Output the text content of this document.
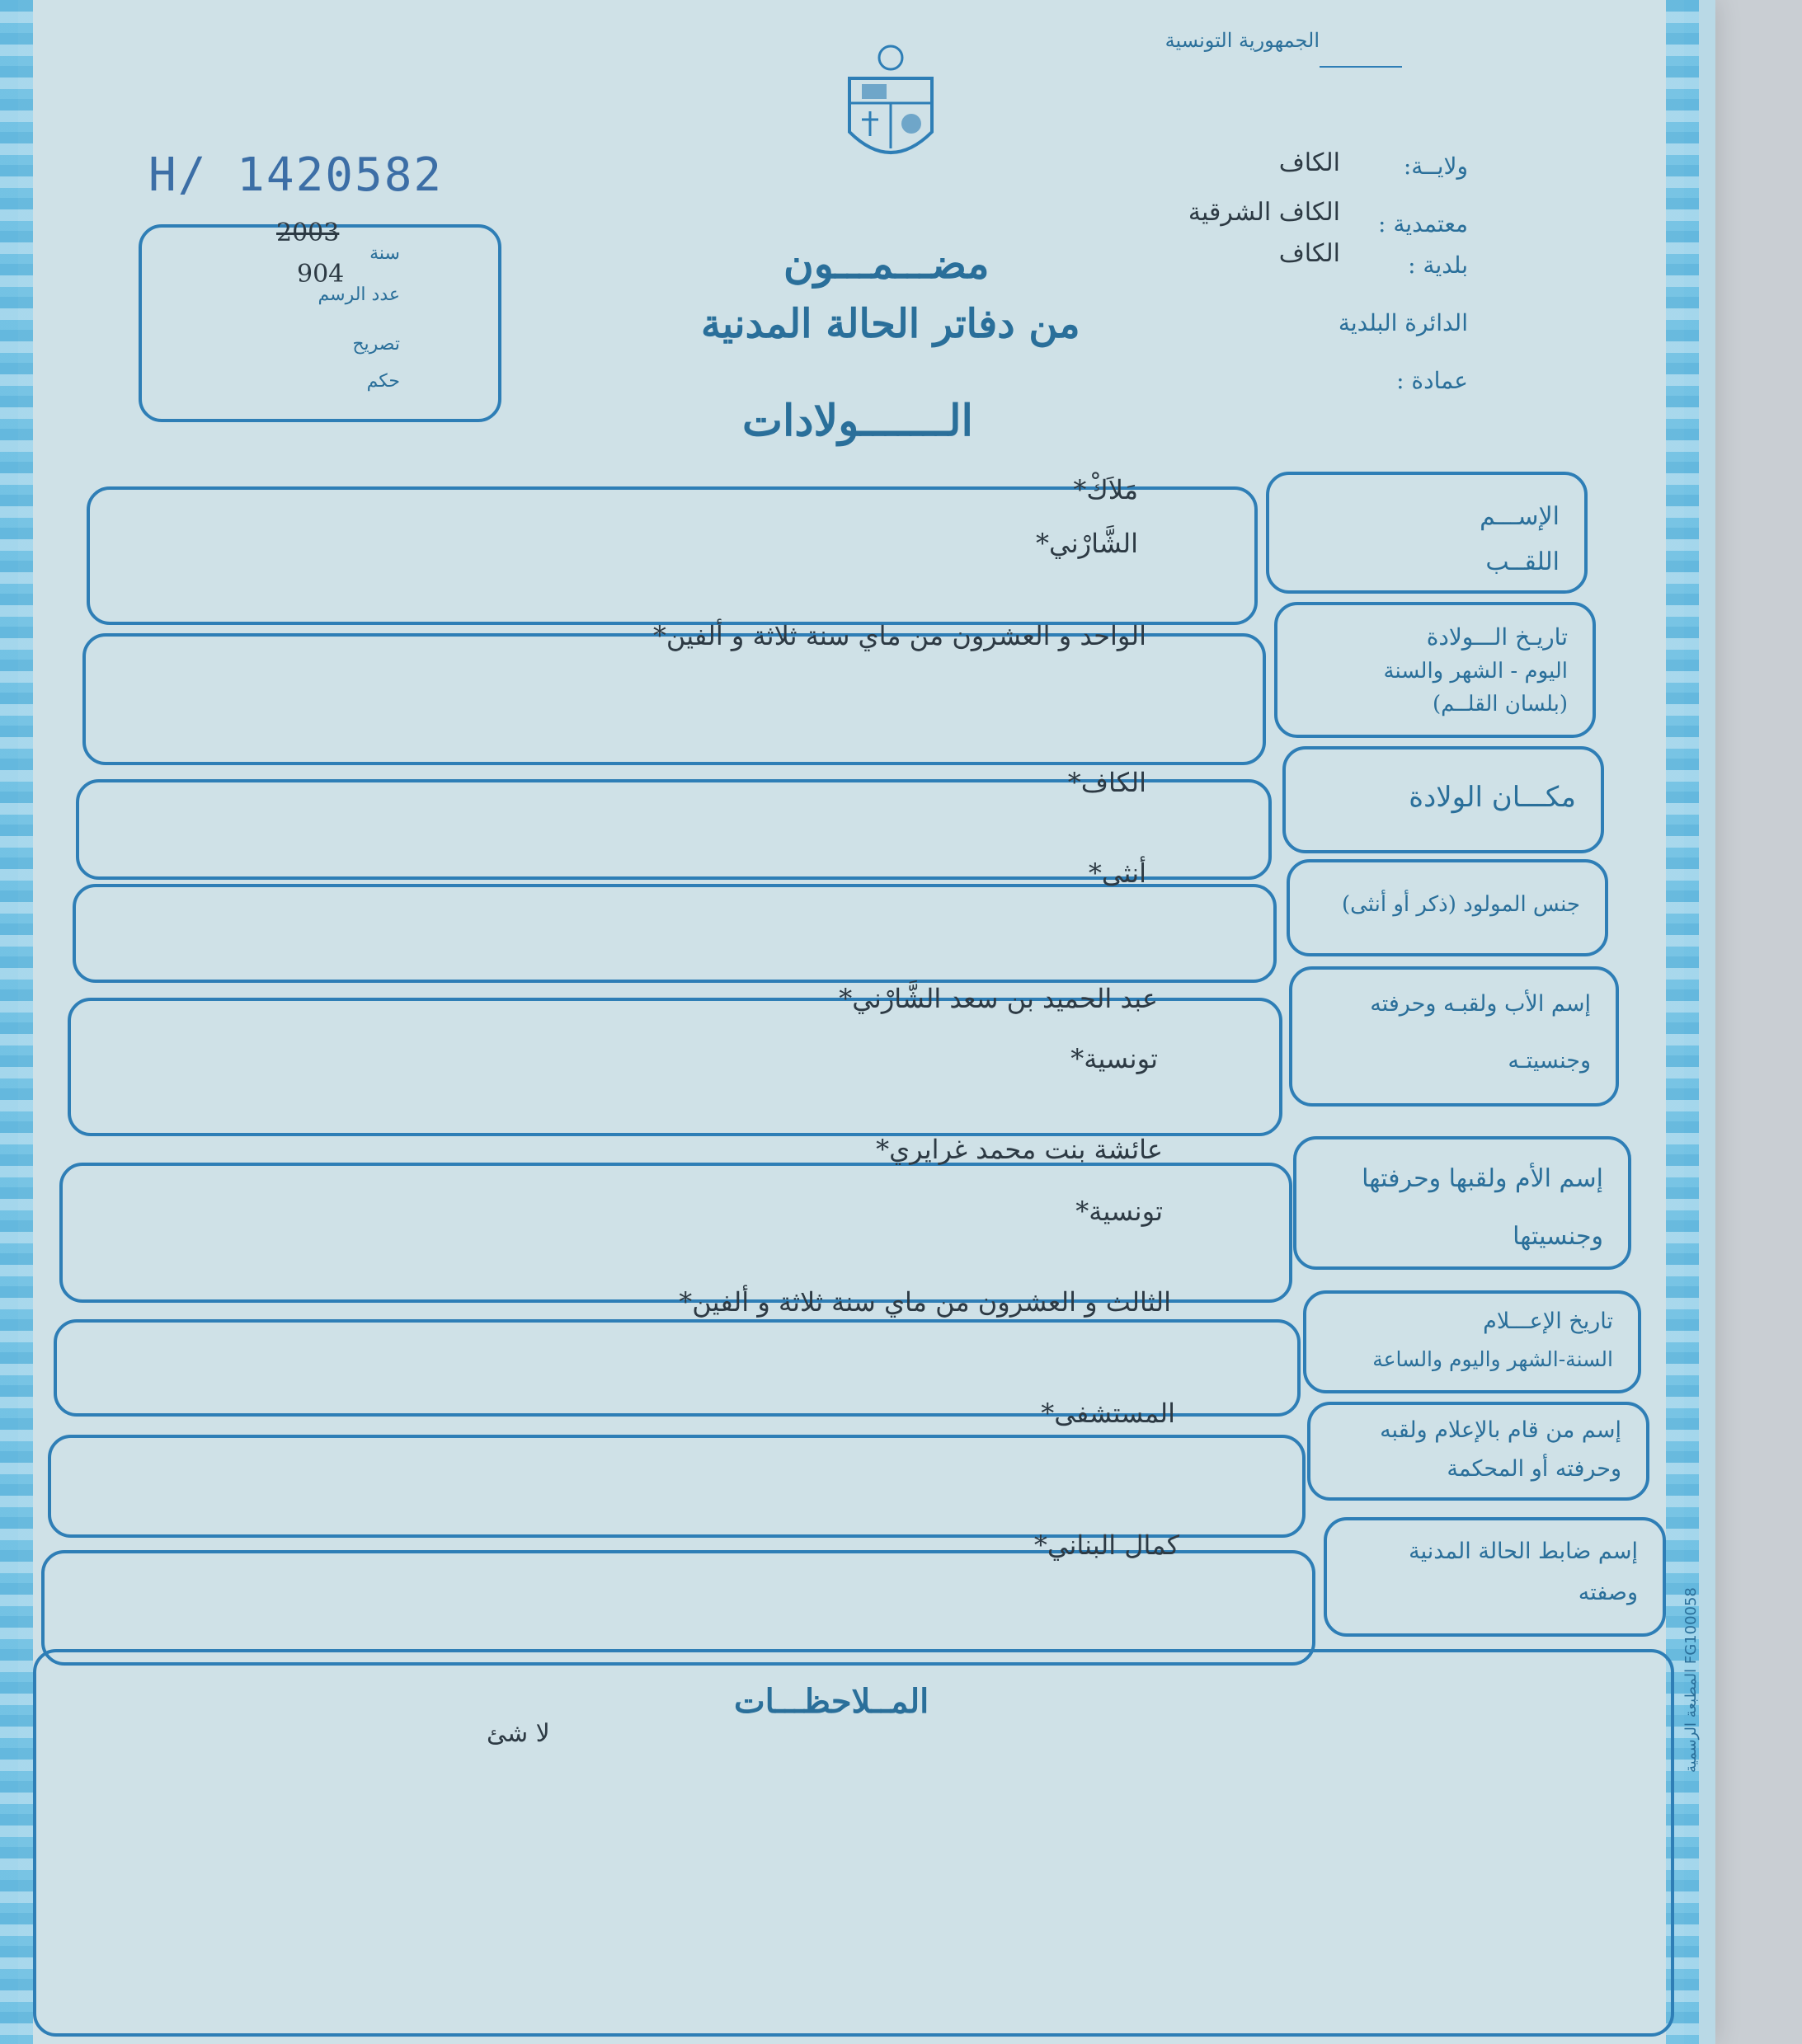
الجمهورية التونسية
ولايــة:
الكاف
معتمدية :
الكاف الشرقية
بلدية :
الكاف
الدائرة البلدية
عمادة :
مضـــمـــون
من دفاتر الحالة المدنية
الـــــــولادات
H/ 1420582
سنة
2003
عدد الرسم
904
تصريح
حكم
الإســـم
اللقــب
مَلاَكْ*
الشَّارْني*
تاريـخ الـــولادة
اليوم - الشهر والسنة
(بلسان القلــم)
الواحد و العشرون من ماي سنة ثلاثة و ألفين*
مكـــان الولادة
الكاف*
جنس المولود (ذكر أو أنثى)
أنثى*
إسم الأب ولقبـه وحرفته
وجنسيتـه
عبد الحميد بن سعد الشَّارْني*
تونسية*
إسم الأم ولقبها وحرفتها
وجنسيتها
عائشة بنت محمد غرايري*
تونسية*
تاريخ الإعـــلام
السنة-الشهر واليوم والساعة
الثالث و العشرون من ماي سنة ثلاثة و ألفين*
إسم من قام بالإعلام ولقبه
وحرفته أو المحكمة
المستشفى*
إسم ضابط الحالة المدنية
وصفته
كمال البناني*
المــلاحظـــات
لا شئ	المطبعة الرسمية FG100058
